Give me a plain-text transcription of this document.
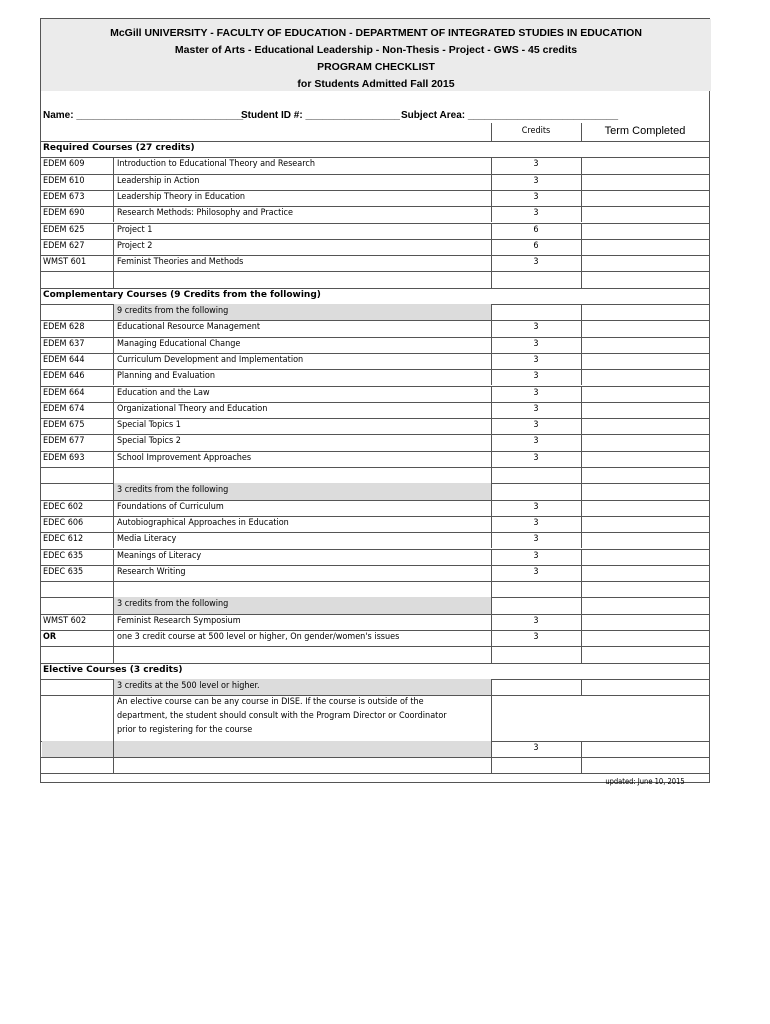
McGill UNIVERSITY - FACULTY OF EDUCATION - DEPARTMENT OF INTEGRATED STUDIES IN EDUCATION
Master of Arts - Educational Leadership - Non-Thesis - Project - GWS - 45 credits
PROGRAM CHECKLIST
for Students Admitted Fall 2015
Name: ______________________________
Student ID #: _________________ Subject Area: ___________________________
Credits	Term Completed
Required Courses (27 credits)
EDEM 609	Introduction to Educational Theory and Research	3
EDEM 610	Leadership in Action	3
EDEM 673	Leadership Theory in Education	3
EDEM 690	Research Methods: Philosophy and Practice	3
EDEM 625	Project 1	6
EDEM 627	Project 2	6
WMST 601	Feminist Theories and Methods	3
Complementary Courses (9 Credits from the following)
9 credits from the following
EDEM 628	Educational Resource Management	3
EDEM 637	Managing Educational Change	3
EDEM 644	Curriculum Development and Implementation	3
EDEM 646	Planning and Evaluation	3
EDEM 664	Education and the Law	3
EDEM 674	Organizational Theory and Education	3
EDEM 675	Special Topics 1	3
EDEM 677	Special Topics 2	3
EDEM 693	School Improvement Approaches	3
3 credits from the following
EDEC 602	Foundations of Curriculum	3
EDEC 606	Autobiographical Approaches in Education	3
EDEC 612	Media Literacy	3
EDEC 635	Meanings of Literacy	3
EDEC 635	Research Writing	3
3 credits from the following
WMST 602	Feminist Research Symposium	3
OR	one 3 credit course at 500 level or higher, On gender/women's issues	3
Elective Courses (3 credits)
3 credits at the 500 level or higher.
An elective course can be any course in DISE. If the course is outside of the
department, the student should consult with the Program Director or Coordinator
prior to registering for the course
3
updated: June 10, 2015
